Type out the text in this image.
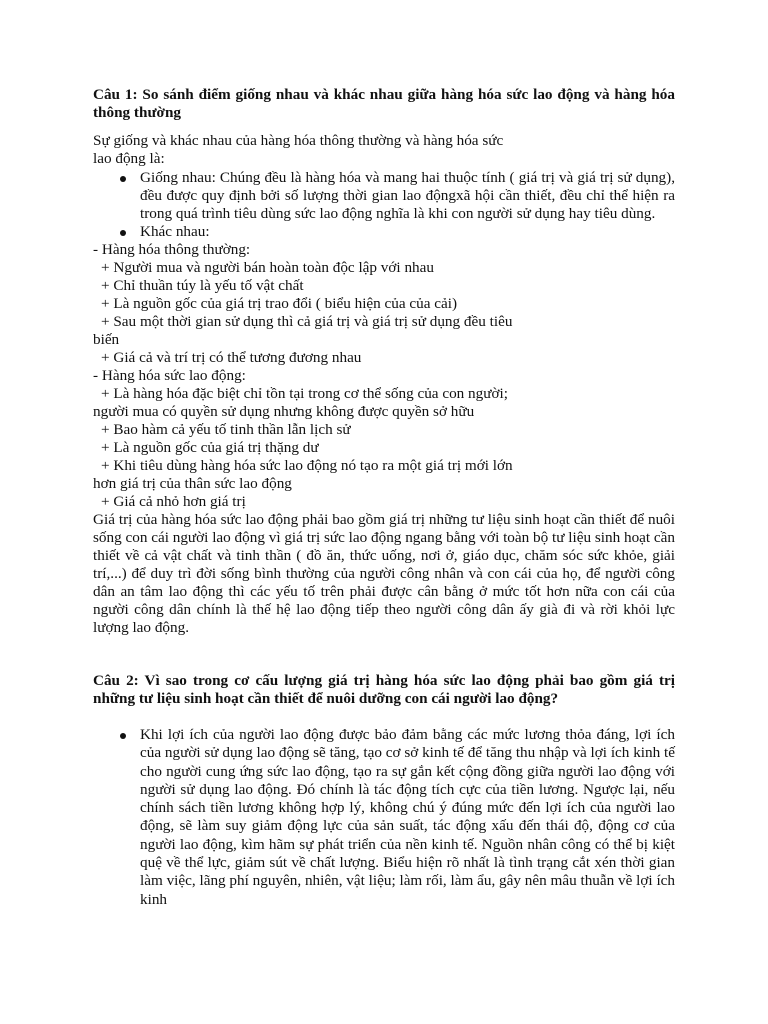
Câu 1: So sánh điểm giống nhau và khác nhau giữa hàng hóa sức lao động và hàng hóa thông thường

Sự giống và khác nhau của hàng hóa thông thường và hàng hóa sức

lao động là:

Giống nhau: Chúng đều là hàng hóa và mang hai thuộc tính ( giá trị và giá trị sử dụng), đều được quy định bởi số lượng thời gian lao độngxã hội cần thiết, đều chỉ thể hiện ra trong quá trình tiêu dùng sức lao động nghĩa là khi con người sử dụng hay tiêu dùng.
Khác nhau:

- Hàng hóa thông thường:

+ Người mua và người bán hoàn toàn độc lập với nhau

+ Chỉ thuần túy là yếu tố vật chất

+ Là nguồn gốc của giá trị trao đổi ( biểu hiện của của cải)

+ Sau một thời gian sử dụng thì cả giá trị và giá trị sử dụng đều tiêu

biến

+ Giá cả và trí trị có thể tương đương nhau

- Hàng hóa sức lao động:

+ Là hàng hóa đặc biệt chỉ tồn tại trong cơ thể sống của con người;

người mua có quyền sử dụng nhưng không được quyền sở hữu

+ Bao hàm cả yếu tố tinh thần lẫn lịch sử

+ Là nguồn gốc của giá trị thặng dư

+ Khi tiêu dùng hàng hóa sức lao động nó tạo ra một giá trị mới lớn

hơn giá trị của thân sức lao động

+ Giá cả nhỏ hơn giá trị

Giá trị của hàng hóa sức lao động phải bao gồm giá trị những tư liệu sinh hoạt cần thiết để nuôi sống con cái người lao động vì giá trị sức lao động ngang bằng với toàn bộ tư liệu sinh hoạt cần thiết về cả vật chất và tinh thần ( đồ ăn, thức uống, nơi ở, giáo dục, chăm sóc sức khỏe, giải trí,...) để duy trì đời sống bình thường của người công nhân và con cái của họ, để người công dân an tâm lao động thì các yếu tố trên phải được cân bằng ở mức tốt hơn nữa con cái của người công dân chính là thế hệ lao động tiếp theo người công dân ấy già đi và rời khỏi lực lượng lao động.

Câu 2: Vì sao trong cơ cấu lượng giá trị hàng hóa sức lao động phải bao gồm giá trị những tư liệu sinh hoạt cần thiết để nuôi dưỡng con cái người lao động?

Khi lợi ích của người lao động được bảo đảm bằng các mức lương thỏa đáng, lợi ích của người sử dụng lao động sẽ tăng, tạo cơ sở kinh tế để tăng thu nhập và lợi ích kinh tế cho người cung ứng sức lao động, tạo ra sự gắn kết cộng đồng giữa người lao động với người sử dụng lao động. Đó chính là tác động tích cực của tiền lương. Ngược lại, nếu chính sách tiền lương không hợp lý, không chú ý đúng mức đến lợi ích của người lao động, sẽ làm suy giảm động lực của sản suất, tác động xấu đến thái độ, động cơ của người lao động, kìm hãm sự phát triển của nền kinh tế. Nguồn nhân công có thể bị kiệt quệ về thể lực, giảm sút về chất lượng. Biểu hiện rõ nhất là tình trạng cắt xén thời gian làm việc, lãng phí nguyên, nhiên, vật liệu; làm rối, làm ẩu, gây nên mâu thuẫn về lợi ích kinh
